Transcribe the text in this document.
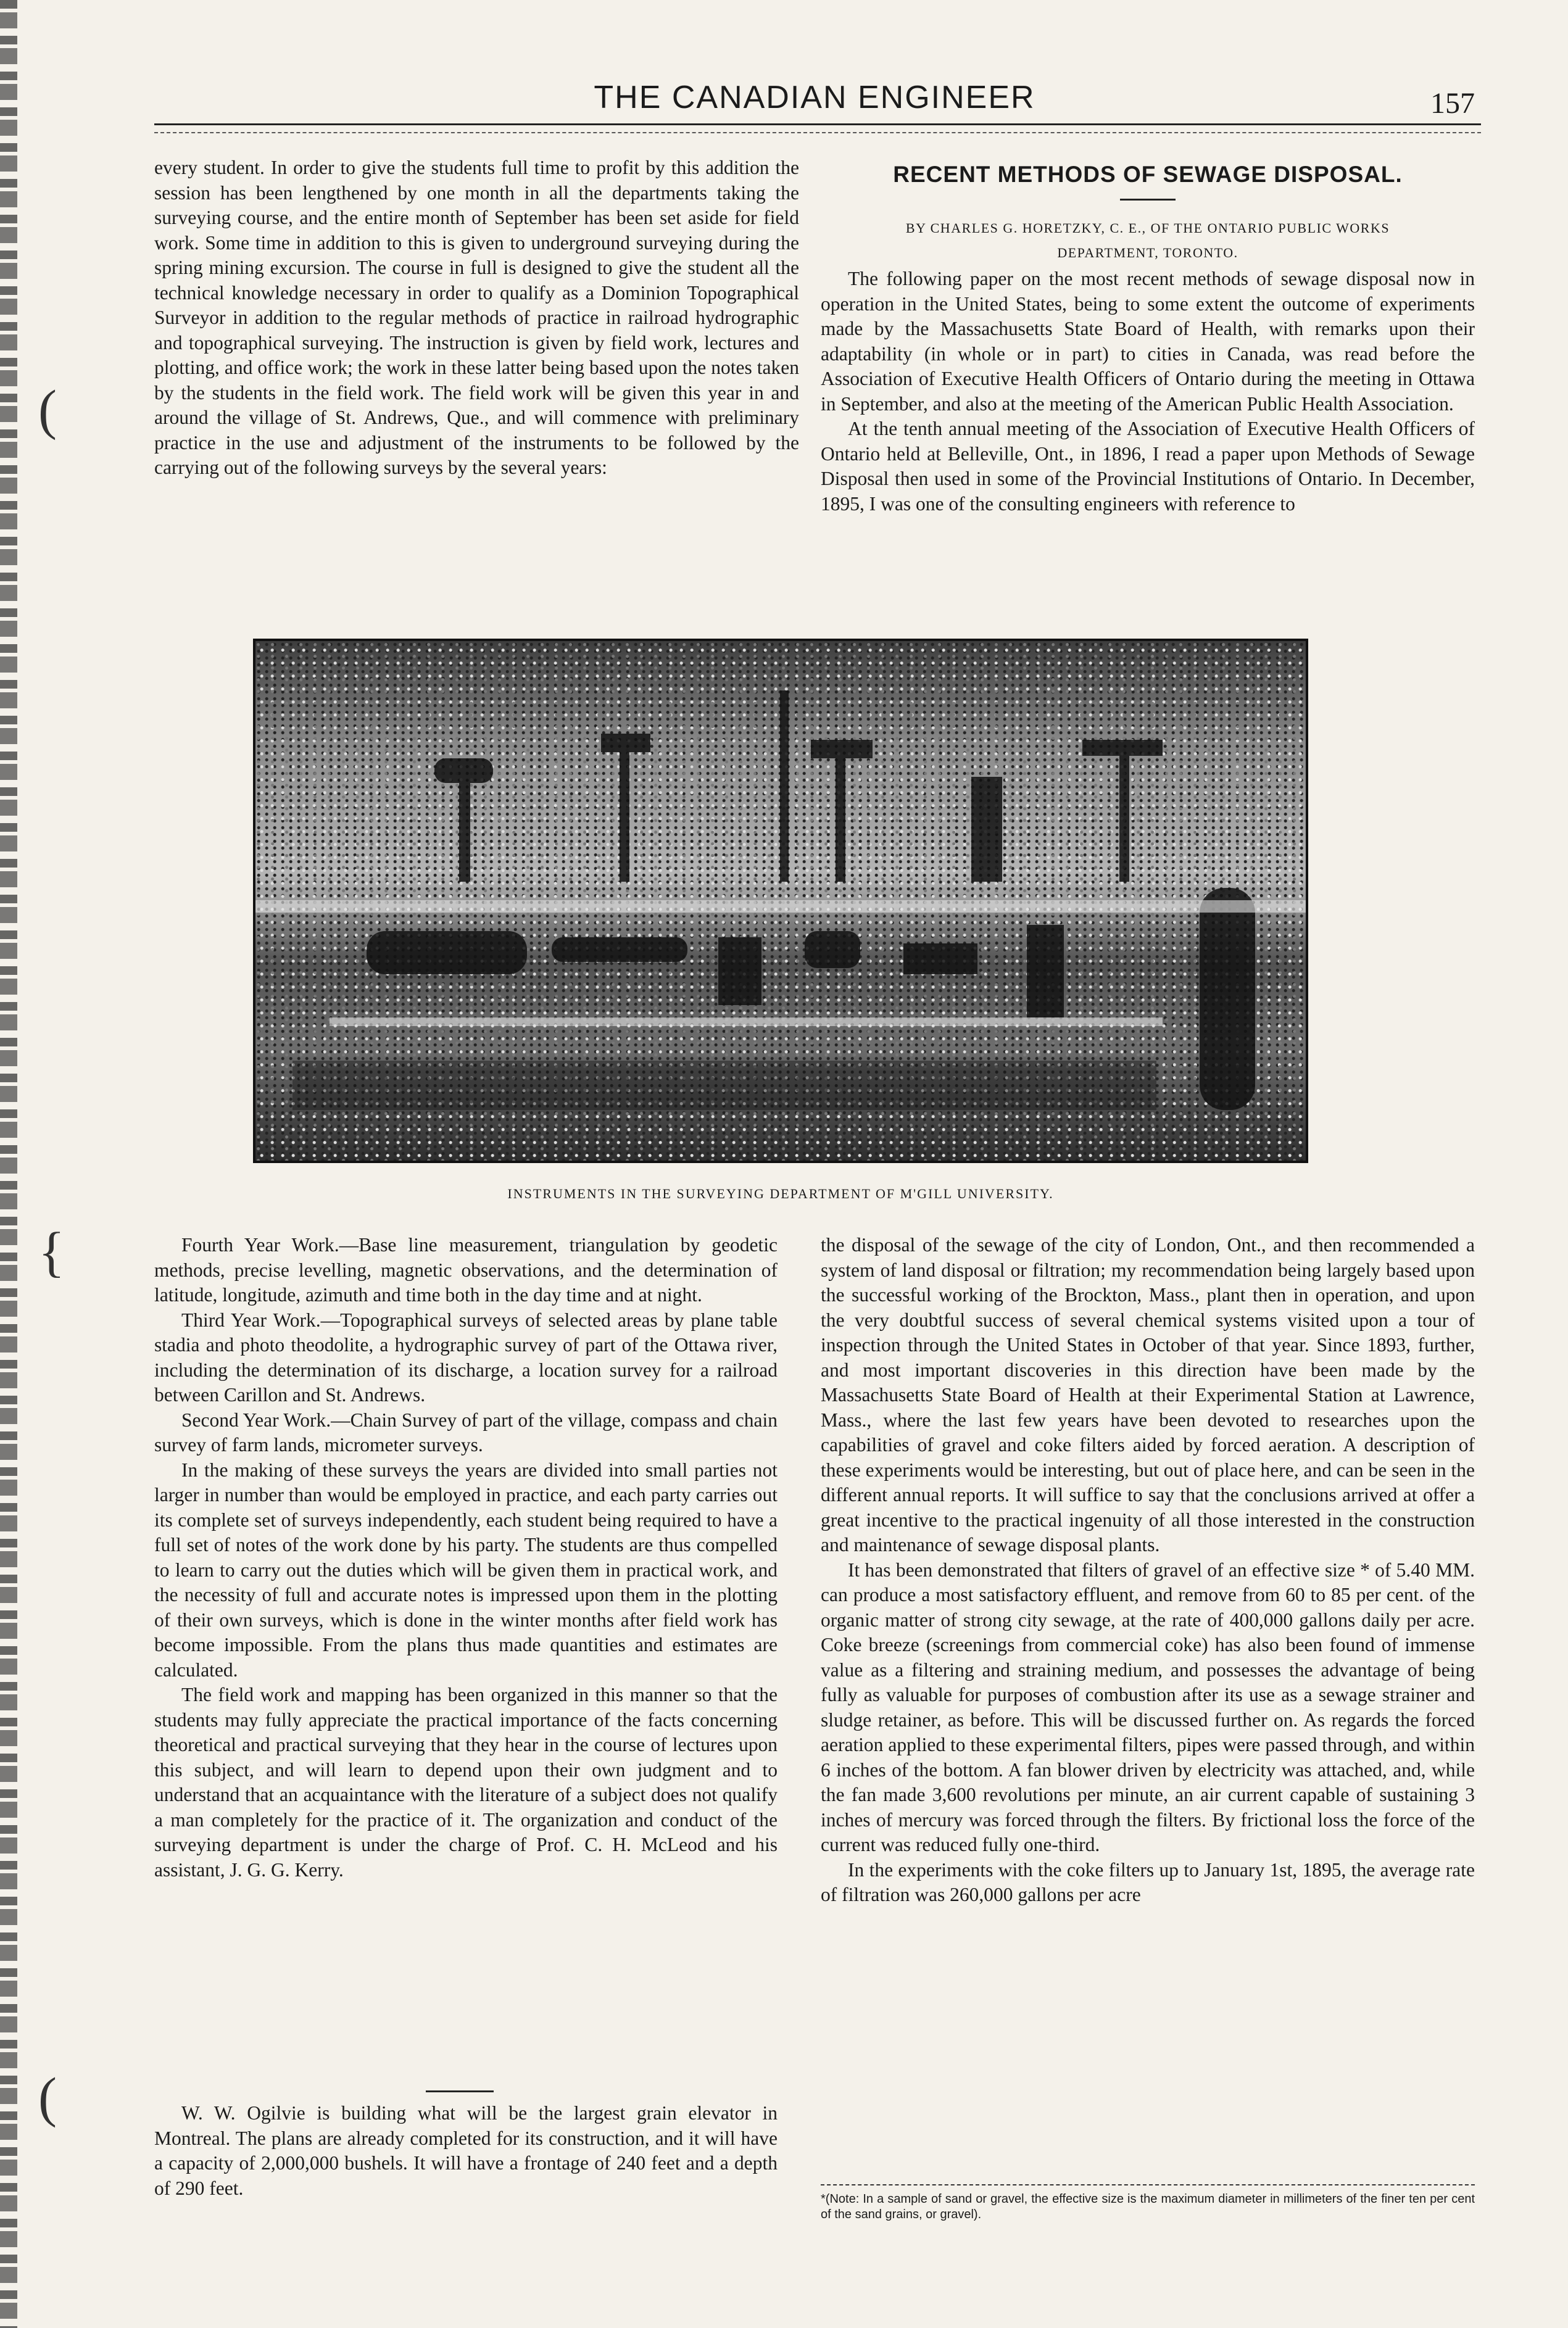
(
{
(
THE CANADIAN ENGINEER	157

every student. In order to give the students full time to profit by this addition the session has been lengthened by one month in all the departments taking the surveying course, and the entire month of September has been set aside for field work. Some time in addition to this is given to underground surveying during the spring mining excursion. The course in full is designed to give the student all the technical knowledge necessary in order to qualify as a Dominion Topographical Surveyor in addition to the regular methods of practice in railroad hydrographic and topographical surveying. The instruction is given by field work, lectures and plotting, and office work; the work in these latter being based upon the notes taken by the students in the field work. The field work will be given this year in and around the village of St. Andrews, Que., and will commence with preliminary practice in the use and adjustment of the instruments to be followed by the carrying out of the following surveys by the several years:

RECENT METHODS OF SEWAGE DISPOSAL.
BY CHARLES G. HORETZKY, C. E., OF THE ONTARIO PUBLIC WORKS
DEPARTMENT, TORONTO.

The following paper on the most recent methods of sewage disposal now in operation in the United States, being to some extent the outcome of experiments made by the Massachusetts State Board of Health, with remarks upon their adaptability (in whole or in part) to cities in Canada, was read before the Association of Executive Health Officers of Ontario during the meeting in Ottawa in September, and also at the meeting of the American Public Health Association.

At the tenth annual meeting of the Association of Executive Health Officers of Ontario held at Belleville, Ont., in 1896, I read a paper upon Methods of Sewage Disposal then used in some of the Provincial Institutions of Ontario. In December, 1895, I was one of the consulting engineers with reference to

INSTRUMENTS IN THE SURVEYING DEPARTMENT OF M'GILL UNIVERSITY.

Fourth Year Work.—Base line measurement, triangulation by geodetic methods, precise levelling, magnetic observations, and the determination of latitude, longitude, azimuth and time both in the day time and at night.

Third Year Work.—Topographical surveys of selected areas by plane table stadia and photo theodolite, a hydrographic survey of part of the Ottawa river, including the determination of its discharge, a location survey for a railroad between Carillon and St. Andrews.

Second Year Work.—Chain Survey of part of the village, compass and chain survey of farm lands, micrometer surveys.

In the making of these surveys the years are divided into small parties not larger in number than would be employed in practice, and each party carries out its complete set of surveys independently, each student being required to have a full set of notes of the work done by his party. The students are thus compelled to learn to carry out the duties which will be given them in practical work, and the necessity of full and accurate notes is impressed upon them in the plotting of their own surveys, which is done in the winter months after field work has become impossible. From the plans thus made quantities and estimates are calculated.

The field work and mapping has been organized in this manner so that the students may fully appreciate the practical importance of the facts concerning theoretical and practical surveying that they hear in the course of lectures upon this subject, and will learn to depend upon their own judgment and to understand that an acquaintance with the literature of a subject does not qualify a man completely for the practice of it. The organization and conduct of the surveying department is under the charge of Prof. C. H. McLeod and his assistant, J. G. G. Kerry.

W. W. Ogilvie is building what will be the largest grain elevator in Montreal. The plans are already completed for its construction, and it will have a capacity of 2,000,000 bushels. It will have a frontage of 240 feet and a depth of 290 feet.

the disposal of the sewage of the city of London, Ont., and then recommended a system of land disposal or filtration; my recommendation being largely based upon the successful working of the Brockton, Mass., plant then in operation, and upon the very doubtful success of several chemical systems visited upon a tour of inspection through the United States in October of that year. Since 1893, further, and most important discoveries in this direction have been made by the Massachusetts State Board of Health at their Experimental Station at Lawrence, Mass., where the last few years have been devoted to researches upon the capabilities of gravel and coke filters aided by forced aeration. A description of these experiments would be interesting, but out of place here, and can be seen in the different annual reports. It will suffice to say that the conclusions arrived at offer a great incentive to the practical ingenuity of all those interested in the construction and maintenance of sewage disposal plants.

It has been demonstrated that filters of gravel of an effective size * of 5.40 MM. can produce a most satisfactory effluent, and remove from 60 to 85 per cent. of the organic matter of strong city sewage, at the rate of 400,000 gallons daily per acre. Coke breeze (screenings from commercial coke) has also been found of immense value as a filtering and straining medium, and possesses the advantage of being fully as valuable for purposes of combustion after its use as a sewage strainer and sludge retainer, as before. This will be discussed further on. As regards the forced aeration applied to these experimental filters, pipes were passed through, and within 6 inches of the bottom. A fan blower driven by electricity was attached, and, while the fan made 3,600 revolutions per minute, an air current capable of sustaining 3 inches of mercury was forced through the filters. By frictional loss the force of the current was reduced fully one-third.

In the experiments with the coke filters up to January 1st, 1895, the average rate of filtration was 260,000 gallons per acre

*(Note: In a sample of sand or gravel, the effective size is the maximum diameter in millimeters of the finer ten per cent of the sand grains, or gravel).
